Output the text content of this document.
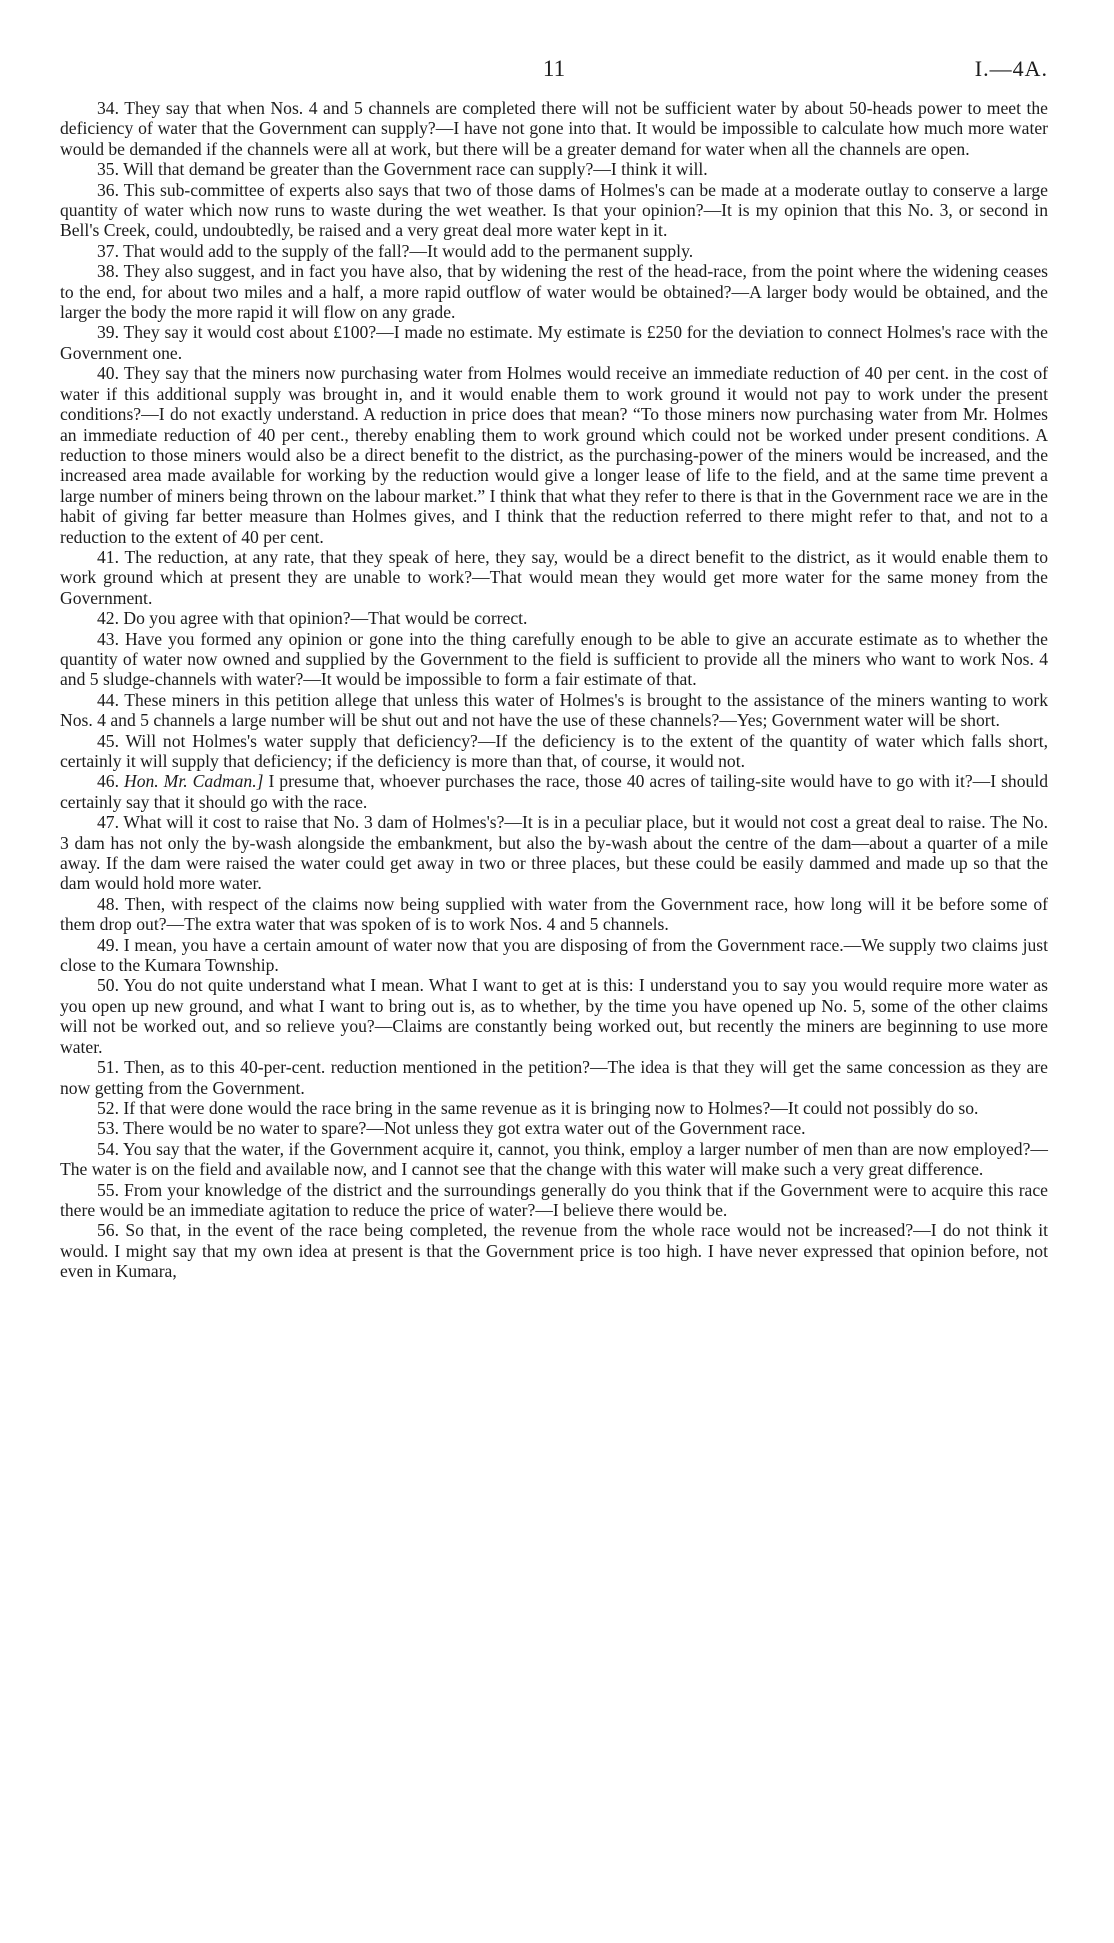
11	I.—4A.

34. They say that when Nos. 4 and 5 channels are completed there will not be sufficient water by about 50-heads power to meet the deficiency of water that the Government can supply?—I have not gone into that. It would be impossible to calculate how much more water would be demanded if the channels were all at work, but there will be a greater demand for water when all the channels are open.

35. Will that demand be greater than the Government race can supply?—I think it will.

36. This sub-committee of experts also says that two of those dams of Holmes's can be made at a moderate outlay to conserve a large quantity of water which now runs to waste during the wet weather. Is that your opinion?—It is my opinion that this No. 3, or second in Bell's Creek, could, undoubtedly, be raised and a very great deal more water kept in it.

37. That would add to the supply of the fall?—It would add to the permanent supply.

38. They also suggest, and in fact you have also, that by widening the rest of the head-race, from the point where the widening ceases to the end, for about two miles and a half, a more rapid outflow of water would be obtained?—A larger body would be obtained, and the larger the body the more rapid it will flow on any grade.

39. They say it would cost about £100?—I made no estimate. My estimate is £250 for the deviation to connect Holmes's race with the Government one.

40. They say that the miners now purchasing water from Holmes would receive an immediate reduction of 40 per cent. in the cost of water if this additional supply was brought in, and it would enable them to work ground it would not pay to work under the present conditions?—I do not exactly understand. A reduction in price does that mean? “To those miners now purchasing water from Mr. Holmes an immediate reduction of 40 per cent., thereby enabling them to work ground which could not be worked under present conditions. A reduction to those miners would also be a direct benefit to the district, as the purchasing-power of the miners would be increased, and the increased area made available for working by the reduction would give a longer lease of life to the field, and at the same time prevent a large number of miners being thrown on the labour market.” I think that what they refer to there is that in the Government race we are in the habit of giving far better measure than Holmes gives, and I think that the reduction referred to there might refer to that, and not to a reduction to the extent of 40 per cent.

41. The reduction, at any rate, that they speak of here, they say, would be a direct benefit to the district, as it would enable them to work ground which at present they are unable to work?—That would mean they would get more water for the same money from the Government.

42. Do you agree with that opinion?—That would be correct.

43. Have you formed any opinion or gone into the thing carefully enough to be able to give an accurate estimate as to whether the quantity of water now owned and supplied by the Government to the field is sufficient to provide all the miners who want to work Nos. 4 and 5 sludge-channels with water?—It would be impossible to form a fair estimate of that.

44. These miners in this petition allege that unless this water of Holmes's is brought to the assistance of the miners wanting to work Nos. 4 and 5 channels a large number will be shut out and not have the use of these channels?—Yes; Government water will be short.

45. Will not Holmes's water supply that deficiency?—If the deficiency is to the extent of the quantity of water which falls short, certainly it will supply that deficiency; if the deficiency is more than that, of course, it would not.

46. Hon. Mr. Cadman.] I presume that, whoever purchases the race, those 40 acres of tailing-site would have to go with it?—I should certainly say that it should go with the race.

47. What will it cost to raise that No. 3 dam of Holmes's?—It is in a peculiar place, but it would not cost a great deal to raise. The No. 3 dam has not only the by-wash alongside the embankment, but also the by-wash about the centre of the dam—about a quarter of a mile away. If the dam were raised the water could get away in two or three places, but these could be easily dammed and made up so that the dam would hold more water.

48. Then, with respect of the claims now being supplied with water from the Government race, how long will it be before some of them drop out?—The extra water that was spoken of is to work Nos. 4 and 5 channels.

49. I mean, you have a certain amount of water now that you are disposing of from the Government race.—We supply two claims just close to the Kumara Township.

50. You do not quite understand what I mean. What I want to get at is this: I understand you to say you would require more water as you open up new ground, and what I want to bring out is, as to whether, by the time you have opened up No. 5, some of the other claims will not be worked out, and so relieve you?—Claims are constantly being worked out, but recently the miners are beginning to use more water.

51. Then, as to this 40-per-cent. reduction mentioned in the petition?—The idea is that they will get the same concession as they are now getting from the Government.

52. If that were done would the race bring in the same revenue as it is bringing now to Holmes?—It could not possibly do so.

53. There would be no water to spare?—Not unless they got extra water out of the Government race.

54. You say that the water, if the Government acquire it, cannot, you think, employ a larger number of men than are now employed?—The water is on the field and available now, and I cannot see that the change with this water will make such a very great difference.

55. From your knowledge of the district and the surroundings generally do you think that if the Government were to acquire this race there would be an immediate agitation to reduce the price of water?—I believe there would be.

56. So that, in the event of the race being completed, the revenue from the whole race would not be increased?—I do not think it would. I might say that my own idea at present is that the Government price is too high. I have never expressed that opinion before, not even in Kumara,
